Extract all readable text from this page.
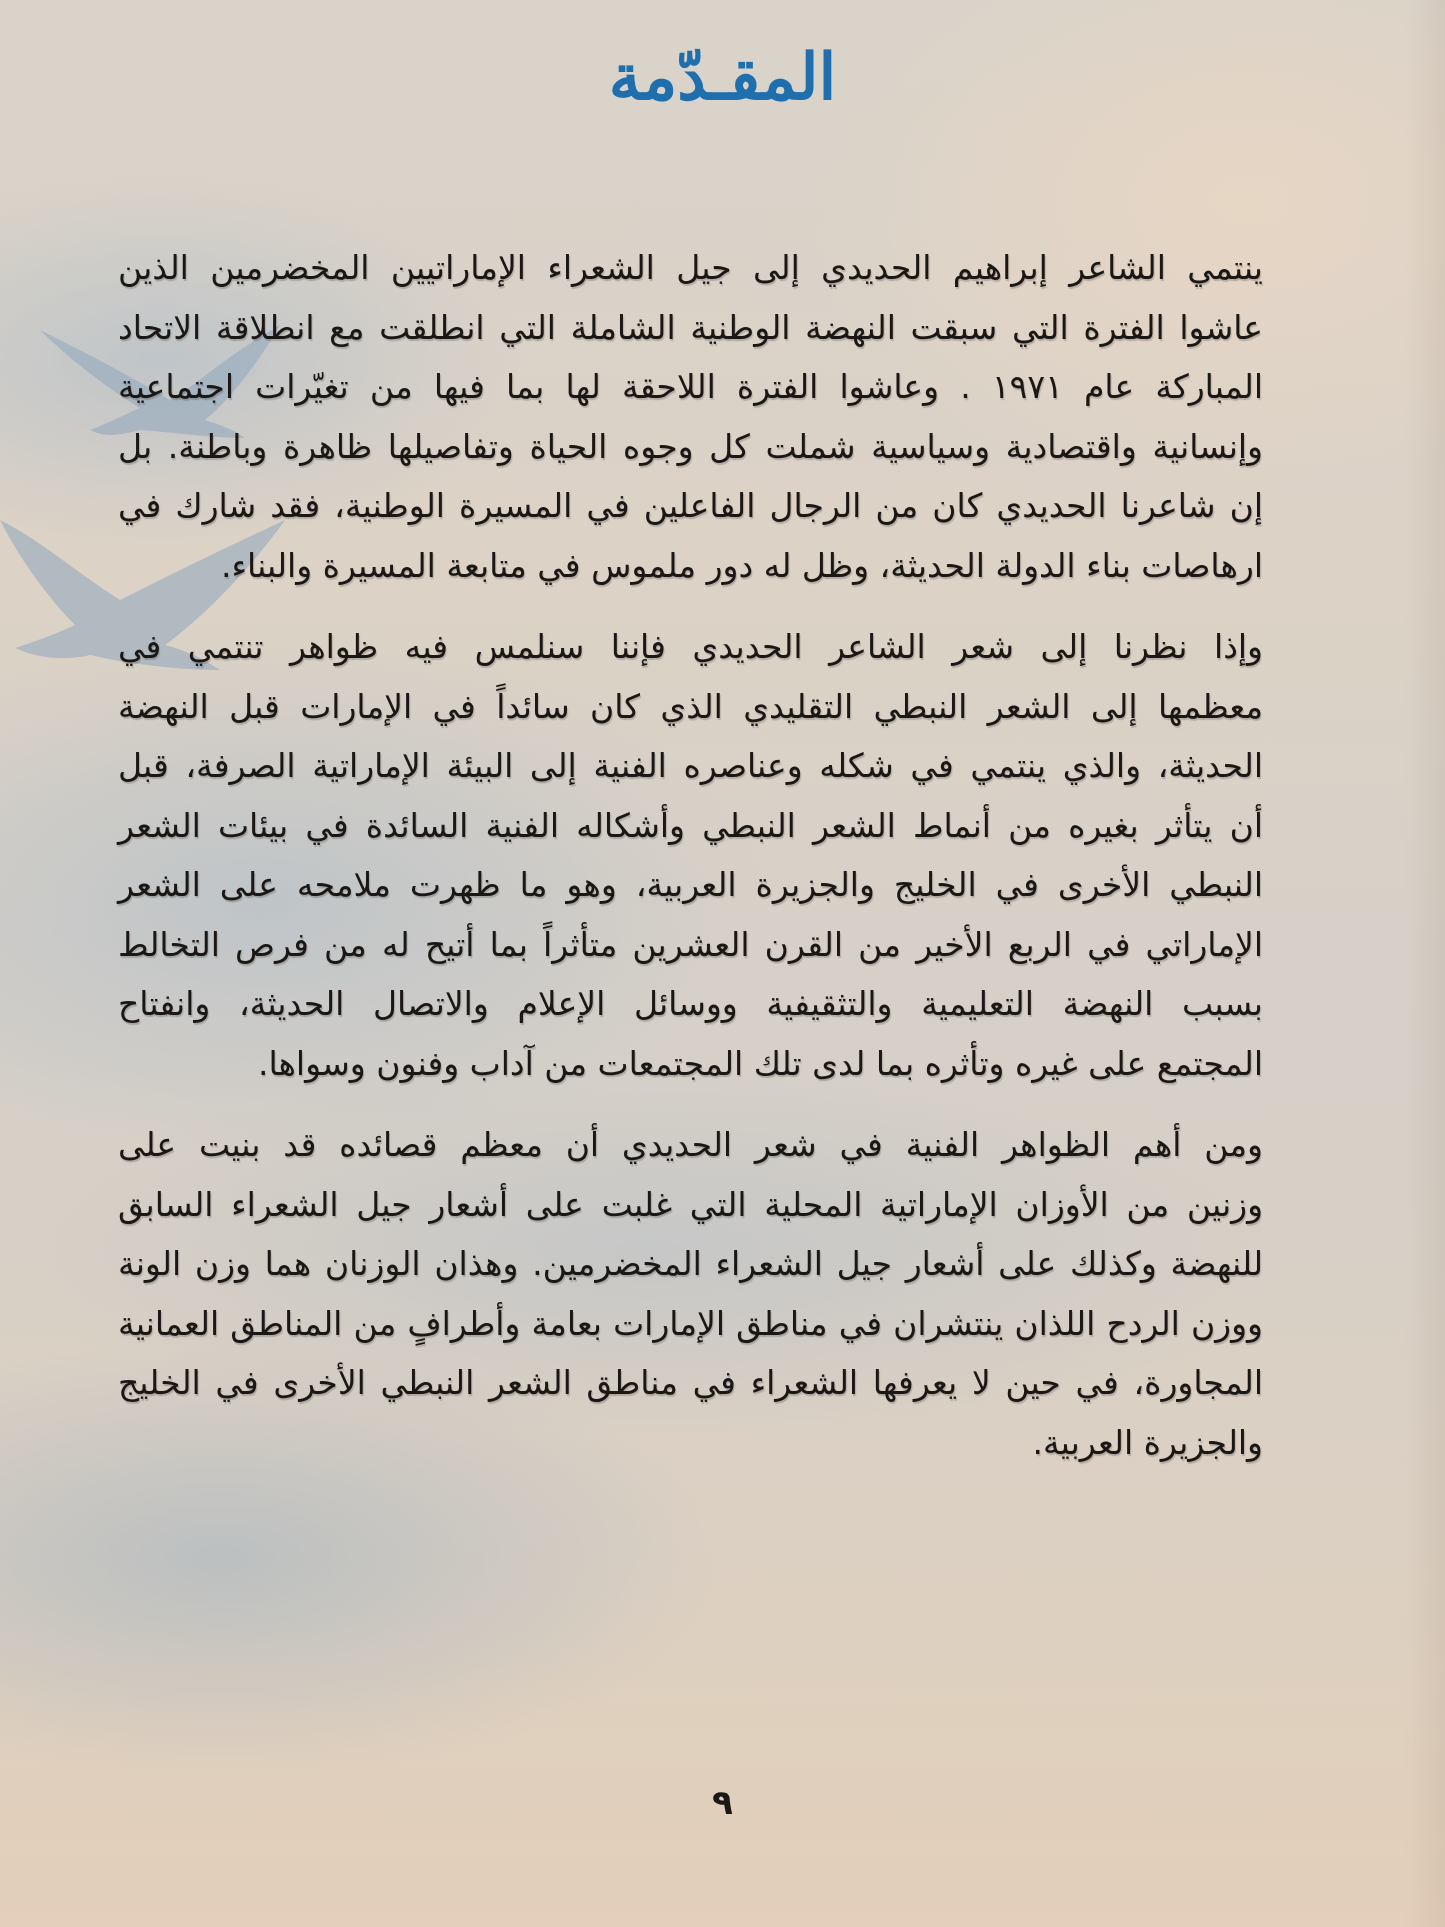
المقـدّمة
ينتمي الشاعر إبراهيم الحديدي إلى جيل الشعراء الإماراتيين المخضرمين الذين
عاشوا الفترة التي سبقت النهضة الوطنية الشاملة التي انطلقت مع انطلاقة الاتحاد
المباركة عام ١٩٧١ . وعاشوا الفترة اللاحقة لها بما فيها من تغيّرات اجتماعية
وإنسانية واقتصادية وسياسية شملت كل وجوه الحياة وتفاصيلها ظاهرة وباطنة. بل
إن شاعرنا الحديدي كان من الرجال الفاعلين في المسيرة الوطنية، فقد شارك في
ارهاصات بناء الدولة الحديثة، وظل له دور ملموس في متابعة المسيرة والبناء.
وإذا نظرنا إلى شعر الشاعر الحديدي فإننا سنلمس فيه ظواهر تنتمي في
معظمها إلى الشعر النبطي التقليدي الذي كان سائداً في الإمارات قبل النهضة
الحديثة، والذي ينتمي في شكله وعناصره الفنية إلى البيئة الإماراتية الصرفة، قبل
أن يتأثر بغيره من أنماط الشعر النبطي وأشكاله الفنية السائدة في بيئات الشعر
النبطي الأخرى في الخليج والجزيرة العربية، وهو ما ظهرت ملامحه على الشعر
الإماراتي في الربع الأخير من القرن العشرين متأثراً بما أتيح له من فرص التخالط
بسبب النهضة التعليمية والتثقيفية ووسائل الإعلام والاتصال الحديثة، وانفتاح
المجتمع على غيره وتأثره بما لدى تلك المجتمعات من آداب وفنون وسواها.
ومن أهم الظواهر الفنية في شعر الحديدي أن معظم قصائده قد بنيت على
وزنين من الأوزان الإماراتية المحلية التي غلبت على أشعار جيل الشعراء السابق
للنهضة وكذلك على أشعار جيل الشعراء المخضرمين. وهذان الوزنان هما وزن الونة
ووزن الردح اللذان ينتشران في مناطق الإمارات بعامة وأطرافٍ من المناطق العمانية
المجاورة، في حين لا يعرفها الشعراء في مناطق الشعر النبطي الأخرى في الخليج
والجزيرة العربية.
٩
